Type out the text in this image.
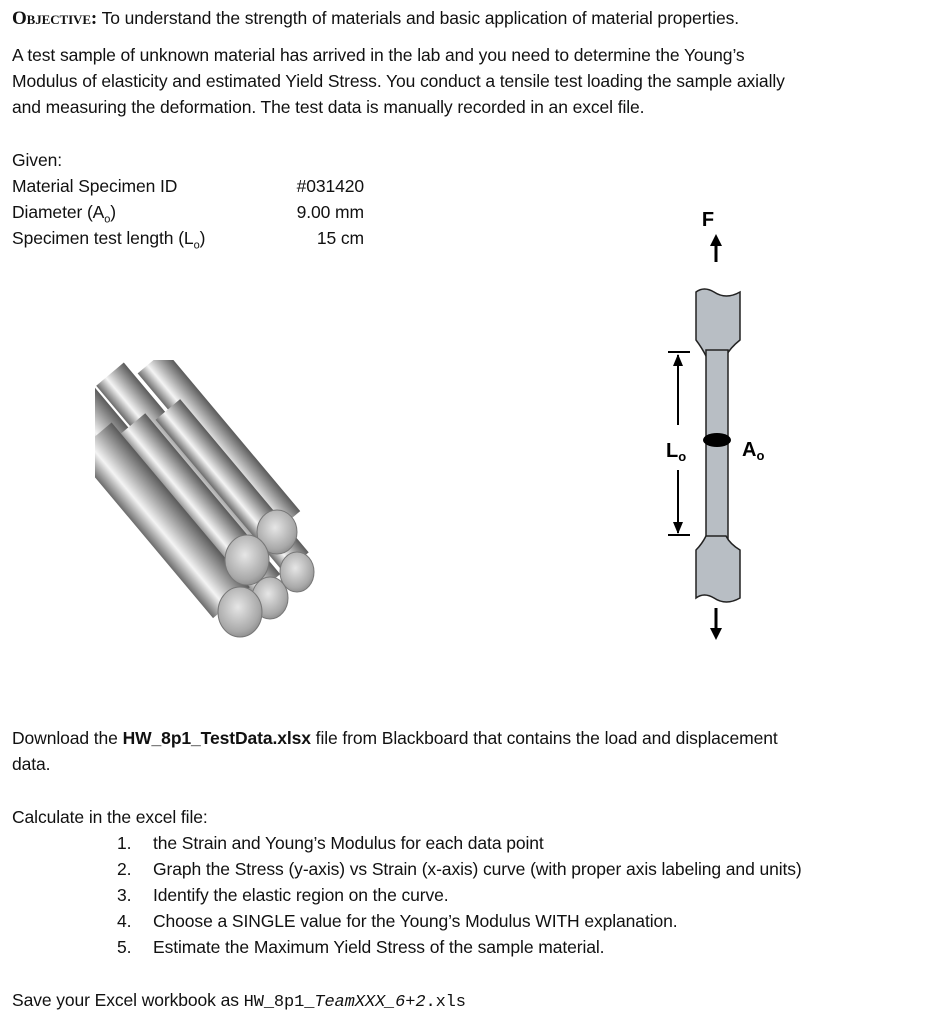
Objective: To understand the strength of materials and basic application of material properties.
A test sample of unknown material has arrived in the lab and you need to determine the Young’s
Modulus of elasticity and estimated Yield Stress. You conduct a tensile test loading the sample axially
and measuring the deformation. The test data is manually recorded in an excel file.
Given:
Material Specimen ID	#031420
Diameter $(A_o)$	9.00 mm
Specimen test length $(L_o)$	15 cm
F
$L_o$	$A_o$
Download the HW_8p1_TestData.xlsx file from Blackboard that contains the load and displacement
data.
Calculate in the excel file:
1. the Strain and Young’s Modulus for each data point
2. Graph the Stress (y-axis) vs Strain (x-axis) curve (with proper axis labeling and units)
3. Identify the elastic region on the curve.
4. Choose a SINGLE value for the Young’s Modulus WITH explanation.
5. Estimate the Maximum Yield Stress of the sample material.
Save your Excel workbook as HW_8p1_TeamXXX_6+2.xls
